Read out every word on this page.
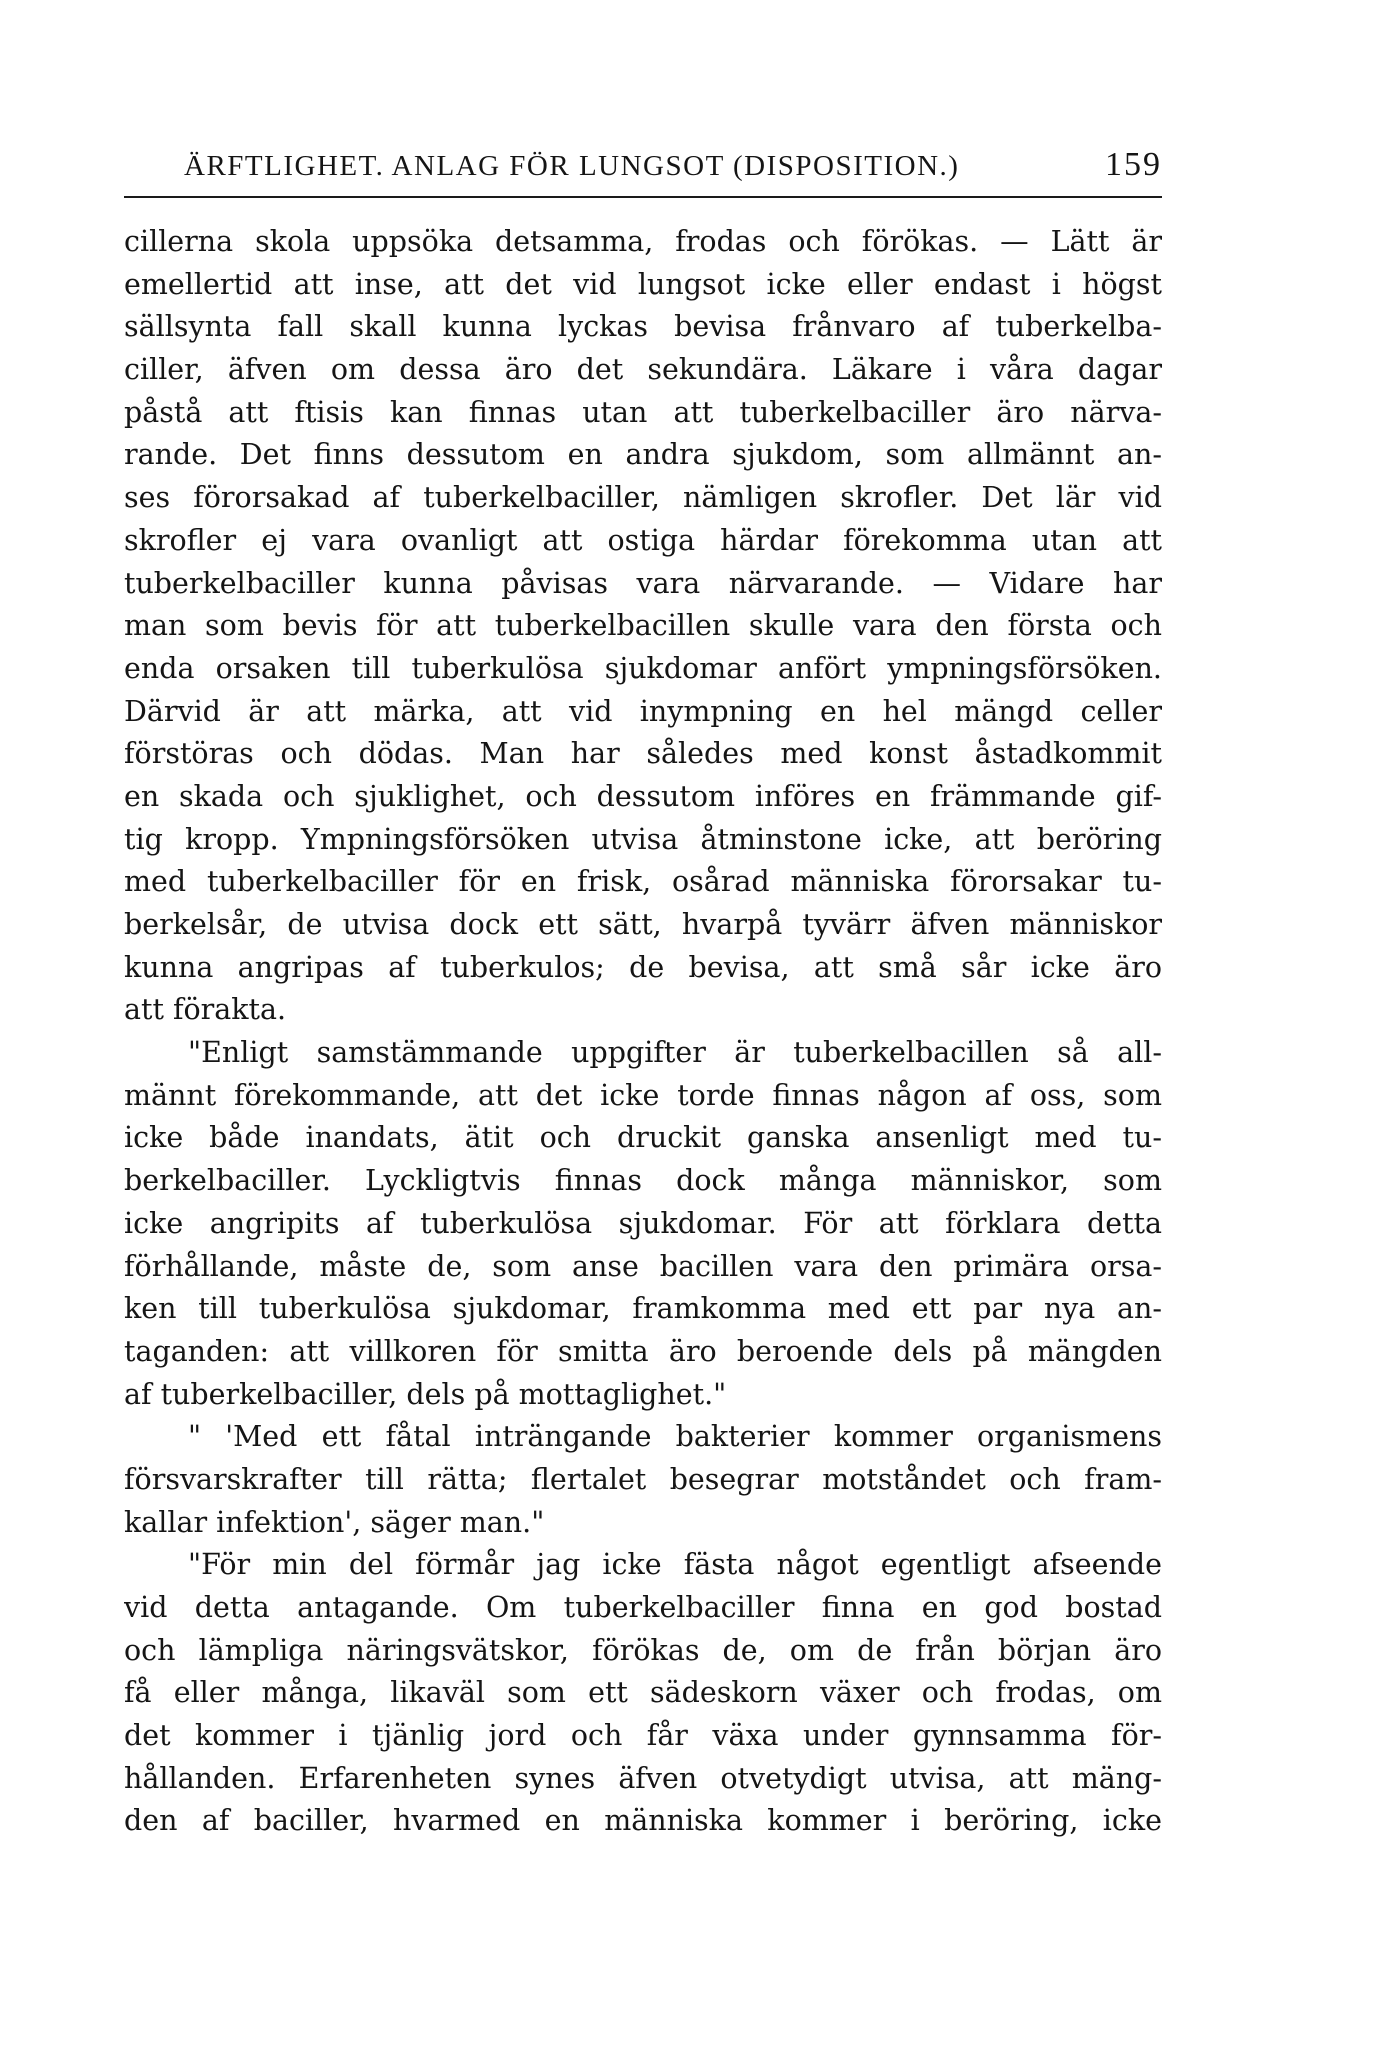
ÄRFTLIGHET. ANLAG FÖR LUNGSOT (DISPOSITION.)	159
cillerna skola uppsöka detsamma, frodas och förökas. — Lätt är
emellertid att inse, att det vid lungsot icke eller endast i högst
sällsynta fall skall kunna lyckas bevisa frånvaro af tuberkelba-
ciller, äfven om dessa äro det sekundära. Läkare i våra dagar
påstå att ftisis kan finnas utan att tuberkelbaciller äro närva-
rande. Det finns dessutom en andra sjukdom, som allmännt an-
ses förorsakad af tuberkelbaciller, nämligen skrofler. Det lär vid
skrofler ej vara ovanligt att ostiga härdar förekomma utan att
tuberkelbaciller kunna påvisas vara närvarande. — Vidare har
man som bevis för att tuberkelbacillen skulle vara den första och
enda orsaken till tuberkulösa sjukdomar anfört ympningsförsöken.
Därvid är att märka, att vid inympning en hel mängd celler
förstöras och dödas. Man har således med konst åstadkommit
en skada och sjuklighet, och dessutom införes en främmande gif-
tig kropp. Ympningsförsöken utvisa åtminstone icke, att beröring
med tuberkelbaciller för en frisk, osårad människa förorsakar tu-
berkelsår, de utvisa dock ett sätt, hvarpå tyvärr äfven människor
kunna angripas af tuberkulos; de bevisa, att små sår icke äro
att förakta.
"Enligt samstämmande uppgifter är tuberkelbacillen så all-
männt förekommande, att det icke torde finnas någon af oss, som
icke både inandats, ätit och druckit ganska ansenligt med tu-
berkelbaciller. Lyckligtvis finnas dock många människor, som
icke angripits af tuberkulösa sjukdomar. För att förklara detta
förhållande, måste de, som anse bacillen vara den primära orsa-
ken till tuberkulösa sjukdomar, framkomma med ett par nya an-
taganden: att villkoren för smitta äro beroende dels på mängden
af tuberkelbaciller, dels på mottaglighet."
" 'Med ett fåtal inträngande bakterier kommer organismens
försvarskrafter till rätta; flertalet besegrar motståndet och fram-
kallar infektion', säger man."
"För min del förmår jag icke fästa något egentligt afseende
vid detta antagande. Om tuberkelbaciller finna en god bostad
och lämpliga näringsvätskor, förökas de, om de från början äro
få eller många, likaväl som ett sädeskorn växer och frodas, om
det kommer i tjänlig jord och får växa under gynnsamma för-
hållanden. Erfarenheten synes äfven otvetydigt utvisa, att mäng-
den af baciller, hvarmed en människa kommer i beröring, icke
